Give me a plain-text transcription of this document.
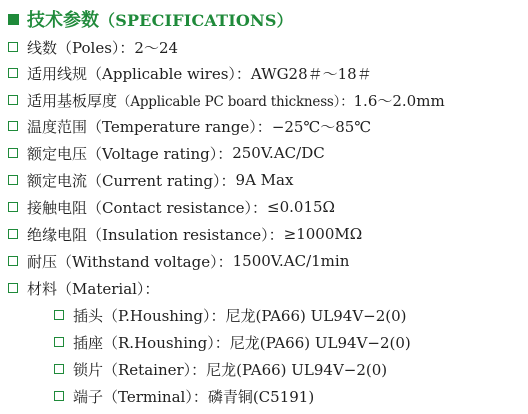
技术参数 （SPECIFICATIONS）
线数 （Poles）： 2～24
适用线规 （Applicable wires）： AWG28＃～18＃
适用基板厚度 （Applicable PC board thickness）： 1.6～2.0mm
温度范围 （Temperature range）： −25℃～85℃
额定电压 （Voltage rating）： 250V.AC/DC
额定电流 （Current rating）： 9A Max
接触电阻 （Contact resistance）： ≤0.015Ω
绝缘电阻 （Insulation resistance）： ≥1000MΩ
耐压 （Withstand voltage）： 1500V.AC/1min
材料 （Material）：
插头 （P.Houshing）： 尼龙(PA66) UL94V−2(0)
插座 （R.Houshing）： 尼龙(PA66) UL94V−2(0)
锁片 （Retainer）： 尼龙(PA66) UL94V−2(0)
端子 （Terminal）： 磷青铜(C5191)
